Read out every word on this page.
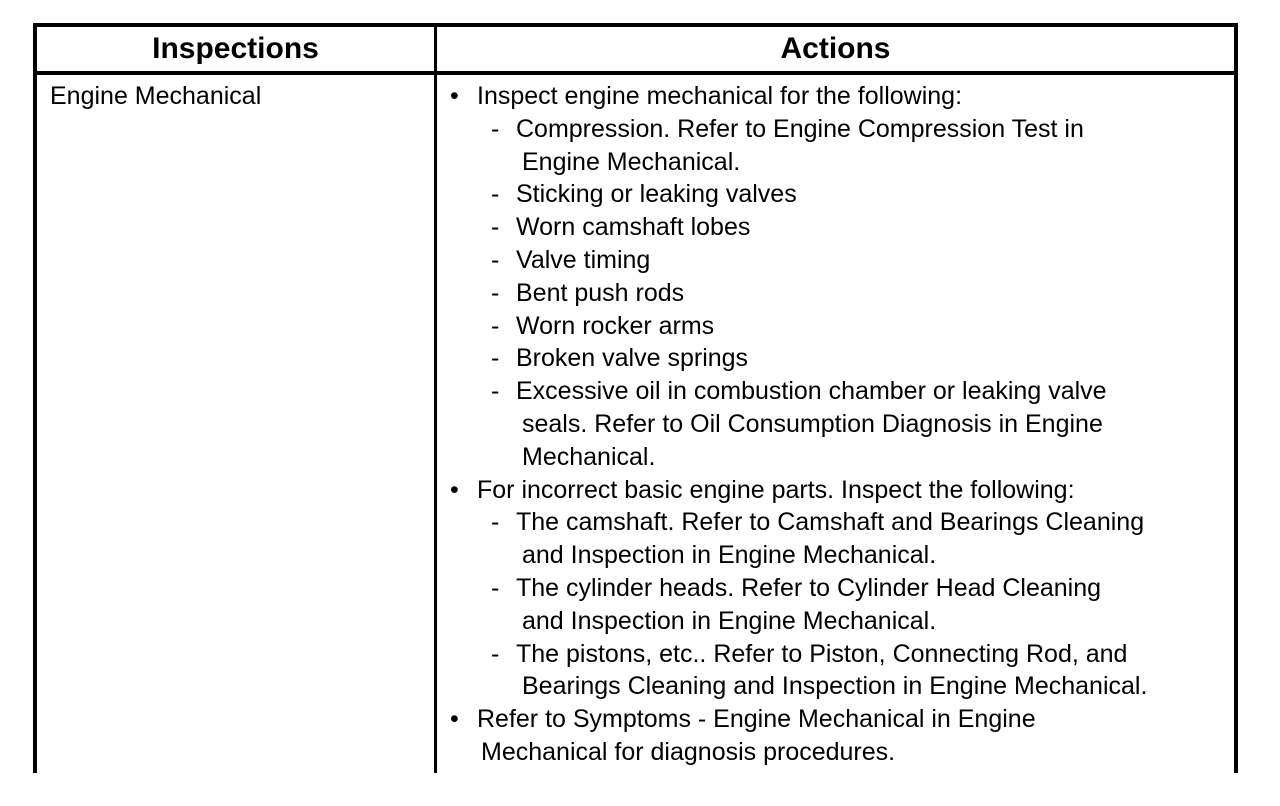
Inspections	Actions
Engine Mechanical	• Inspect engine mechanical for the following:
- Compression. Refer to Engine Compression Test in
Engine Mechanical.
- Sticking or leaking valves
- Worn camshaft lobes
- Valve timing
- Bent push rods
- Worn rocker arms
- Broken valve springs
- Excessive oil in combustion chamber or leaking valve
seals. Refer to Oil Consumption Diagnosis in Engine
Mechanical.
• For incorrect basic engine parts. Inspect the following:
- The camshaft. Refer to Camshaft and Bearings Cleaning
and Inspection in Engine Mechanical.
- The cylinder heads. Refer to Cylinder Head Cleaning
and Inspection in Engine Mechanical.
- The pistons, etc.. Refer to Piston, Connecting Rod, and
Bearings Cleaning and Inspection in Engine Mechanical.
• Refer to Symptoms - Engine Mechanical in Engine
Mechanical for diagnosis procedures.
